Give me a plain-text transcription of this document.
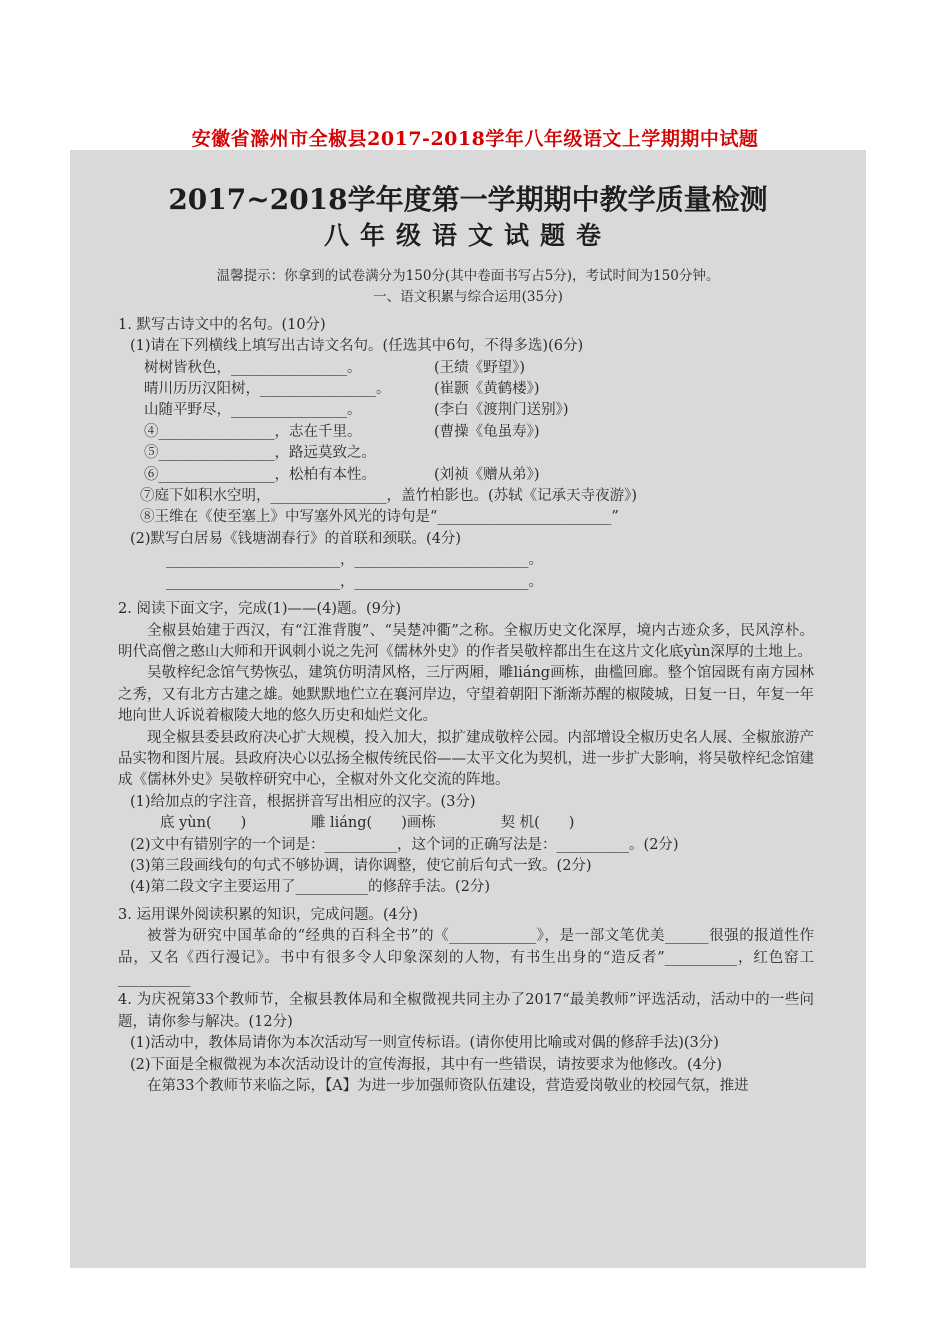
安徽省滁州市全椒县2017-2018学年八年级语文上学期期中试题
2017~2018学年度第一学期期中教学质量检测
八年级语文试题卷
温馨提示：你拿到的试卷满分为150分(其中卷面书写占5分)，考试时间为150分钟。
一、语文积累与综合运用(35分)
1. 默写古诗文中的名句。(10分)
(1)请在下列横线上填写出古诗文名句。(任选其中6句，不得多选)(6分)
树树皆秋色，________________。	(王绩《野望》)
晴川历历汉阳树，________________。	(崔颢《黄鹤楼》)
山随平野尽，________________。	(李白《渡荆门送别》)
④________________，志在千里。	(曹操《龟虽寿》)
⑤________________，路远莫致之。
⑥________________，松柏有本性。	(刘祯《赠从弟》)
⑦庭下如积水空明，________________，盖竹柏影也。(苏轼《记承天寺夜游》)
⑧王维在《使至塞上》中写塞外风光的诗句是“________________________”
(2)默写白居易《钱塘湖春行》的首联和颈联。(4分)
________________________，________________________。
________________________，________________________。
2. 阅读下面文字，完成(1)——(4)题。(9分)
全椒县始建于西汉，有“江淮背腹”、“吴楚冲衢”之称。全椒历史文化深厚，境内古迹众多，民风淳朴。明代高僧之憨山大师和开讽刺小说之先河《儒林外史》的作者吴敬梓都出生在这片文化底yùn深厚的土地上。
吴敬梓纪念馆气势恢弘，建筑仿明清风格，三厅两厢，雕liáng画栋，曲槛回廊。整个馆园既有南方园林之秀，又有北方古建之雄。她默默地伫立在襄河岸边，守望着朝阳下渐渐苏醒的椒陵城，日复一日，年复一年地向世人诉说着椒陵大地的悠久历史和灿烂文化。
现全椒县委县政府决心扩大规模，投入加大，拟扩建成敬梓公园。内部增设全椒历史名人展、全椒旅游产品实物和图片展。县政府决心以弘扬全椒传统民俗——太平文化为契机，进一步扩大影响，将吴敬梓纪念馆建成《儒林外史》吴敬梓研究中心，全椒对外文化交流的阵地。
(1)给加点的字注音，根据拼音写出相应的汉字。(3分)
底 yùn(　　)	雕 liáng(　　)画栋	契 机(　　)
(2)文中有错别字的一个词是：__________，这个词的正确写法是：__________。(2分)
(3)第三段画线句的句式不够协调，请你调整，使它前后句式一致。(2分)
(4)第二段文字主要运用了__________的修辞手法。(2分)
3. 运用课外阅读积累的知识，完成问题。(4分)
被誉为研究中国革命的“经典的百科全书”的《____________》，是一部文笔优美______很强的报道性作品，又名《西行漫记》。书中有很多令人印象深刻的人物，有书生出身的“造反者”__________，红色窑工__________
4. 为庆祝第33个教师节，全椒县教体局和全椒微视共同主办了2017“最美教师”评选活动，活动中的一些问题，请你参与解决。(12分)
(1)活动中，教体局请你为本次活动写一则宣传标语。(请你使用比喻或对偶的修辞手法)(3分)
(2)下面是全椒微视为本次活动设计的宣传海报，其中有一些错误，请按要求为他修改。(4分)
在第33个教师节来临之际，【A】为进一步加强师资队伍建设，营造爱岗敬业的校园气氛，推进
